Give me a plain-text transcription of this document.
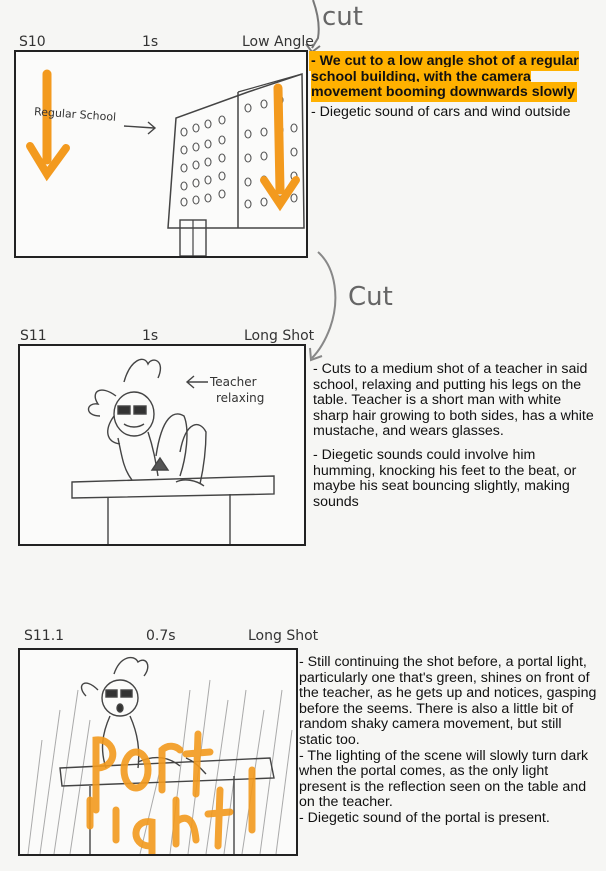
cut
Cut
S10	1s	Low Angle
Regular School

- We cut to a low angle shot of a regular school building, with the camera movement booming downwards slowly

- Diegetic sound of cars and wind outside

S11	1s	Long Shot
Teacher
relaxing

- Cuts to a medium shot of a teacher in said school, relaxing and putting his legs on the table. Teacher is a short man with white sharp hair growing to both sides, has a white mustache, and wears glasses.

- Diegetic sounds could involve him humming, knocking his feet to the beat, or maybe his seat bouncing slightly, making sounds

S11.1	0.7s	Long Shot

- Still continuing the shot before, a portal light, particularly one that's green, shines on front of the teacher, as he gets up and notices, gasping before the seems. There is also a little bit of random shaky camera movement, but still static too.

- The lighting of the scene will slowly turn dark when the portal comes, as the only light present is the reflection seen on the table and on the teacher.

- Diegetic sound of the portal is present.
